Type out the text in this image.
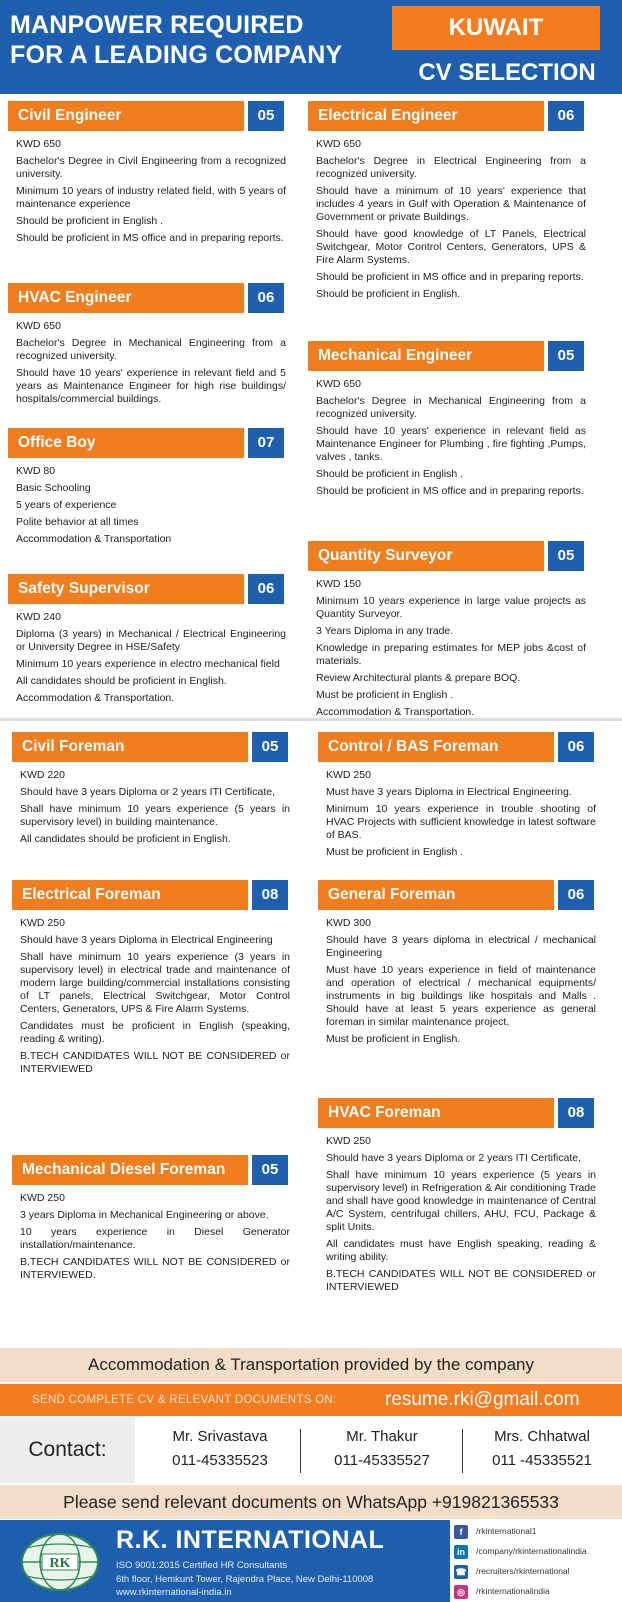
MANPOWER REQUIRED
FOR A LEADING COMPANY
KUWAIT
CV SELECTION
Civil Engineer	05
KWD 650

Bachelor's Degree in Civil Engineering from a recognized university.

Minimum 10 years of industry related field, with 5 years of maintenance experience

Should be proficient in English .

Should be proficient in MS office and in preparing reports.

Electrical Engineer	06
KWD 650

Bachelor's Degree in Electrical Engineering from a recognized university.

Should have a minimum of 10 years' experience that includes 4 years in Gulf with Operation & Maintenance of Government or private Buildings.

Should have good knowledge of LT Panels, Electrical Switchgear, Motor Control Centers, Generators, UPS & Fire Alarm Systems.

Should be proficient in MS office and in preparing reports.

Should be proficient in English.

HVAC Engineer	06
KWD 650

Bachelor's Degree in Mechanical Engineering from a recognized university.

Should have 10 years' experience in relevant field and 5 years as Maintenance Engineer for high rise buildings/ hospitals/commercial buildings.

Mechanical Engineer	05
KWD 650

Bachelor's Degree in Mechanical Engineering from a recognized university.

Should have 10 years' experience in relevant field as Maintenance Engineer for Plumbing , fire fighting ,Pumps, valves , tanks.

Should be proficient in English .

Should be proficient in MS office and in preparing reports.

Office Boy	07
KWD 80

Basic Schooling

5 years of experience

Polite behavior at all times

Accommodation & Transportation

Quantity Surveyor	05
KWD 150

Minimum 10 years experience in large value projects as Quantity Surveyor.

3 Years Diploma in any trade.

Knowledge in preparing estimates for MEP jobs &cost of materials.

Review Architectural plants & prepare BOQ.

Must be proficient in English .

Accommodation & Transportation.

Safety Supervisor	06
KWD 240

Diploma (3 years) in Mechanical / Electrical Engineering or University Degree in HSE/Safety

Minimum 10 years experience in electro mechanical field

All candidates should be proficient in English.

Accommodation & Transportation.

Civil Foreman	05
KWD 220

Should have 3 years Diploma or 2 years ITI Certificate,

Shall have minimum 10 years experience (5 years in supervisory level) in building maintenance.

All candidates should be proficient in English.

Control / BAS Foreman	06
KWD 250

Must have 3 years Diploma in Electrical Engineering.

Minimum 10 years experience in trouble shooting of HVAC Projects with sufficient knowledge in latest software of BAS.

Must be proficient in English .

Electrical Foreman	08
KWD 250

Should have 3 years Diploma in Electrical Engineering

Shall have minimum 10 years experience (3 years in supervisory level) in electrical trade and maintenance of modern large building/commercial installations consisting of LT panels, Electrical Switchgear, Motor Control Centers, Generators, UPS & Fire Alarm Systems.

Candidates must be proficient in English (speaking, reading & writing).

B.TECH CANDIDATES WILL NOT BE CONSIDERED or INTERVIEWED

General Foreman	06
KWD 300

Should have 3 years diploma in electrical / mechanical Engineering

Must have 10 years experience in field of maintenance and operation of electrical / mechanical equipments/ instruments in big buildings like hospitals and Malls . Should have at least 5 years experience as general foreman in similar maintenance project.

Must be proficient in English.

HVAC Foreman	08
KWD 250

Should have 3 years Diploma or 2 years ITI Certificate,

Shall have minimum 10 years experience (5 years in supervisory level) in Refrigeration & Air conditioning Trade and shall have good knowledge in maintenance of Central A/C System, centrifugal chillers, AHU, FCU, Package & split Units.

All candidates must have English speaking, reading & writing ability.

B.TECH CANDIDATES WILL NOT BE CONSIDERED or INTERVIEWED

Mechanical Diesel Foreman	05
KWD 250

3 years Diploma in Mechanical Engineering or above.

10 years experience in Diesel Generator installation/maintenance.

B.TECH CANDIDATES WILL NOT BE CONSIDERED or INTERVIEWED.

Accommodation & Transportation provided by the company
SEND COMPLETE CV & RELEVANT DOCUMENTS ON:	resume.rki@gmail.com
Contact:
Mr. Srivastava
011-45335523
Mr. Thakur
011-45335527
Mrs. Chhatwal
011 -45335521
Please send relevant documents on WhatsApp +919821365533
RK
R.K. INTERNATIONAL
ISO 9001:2015 Certified HR Consultants
6th floor, Hemkunt Tower, Rajendra Place, New Delhi-110008
www.rkinternational-india.in
f /rkinternational1
in /company/rkinternationalindia
☎ /recruiters/rkinternational
◎ /rkinternationalindia
